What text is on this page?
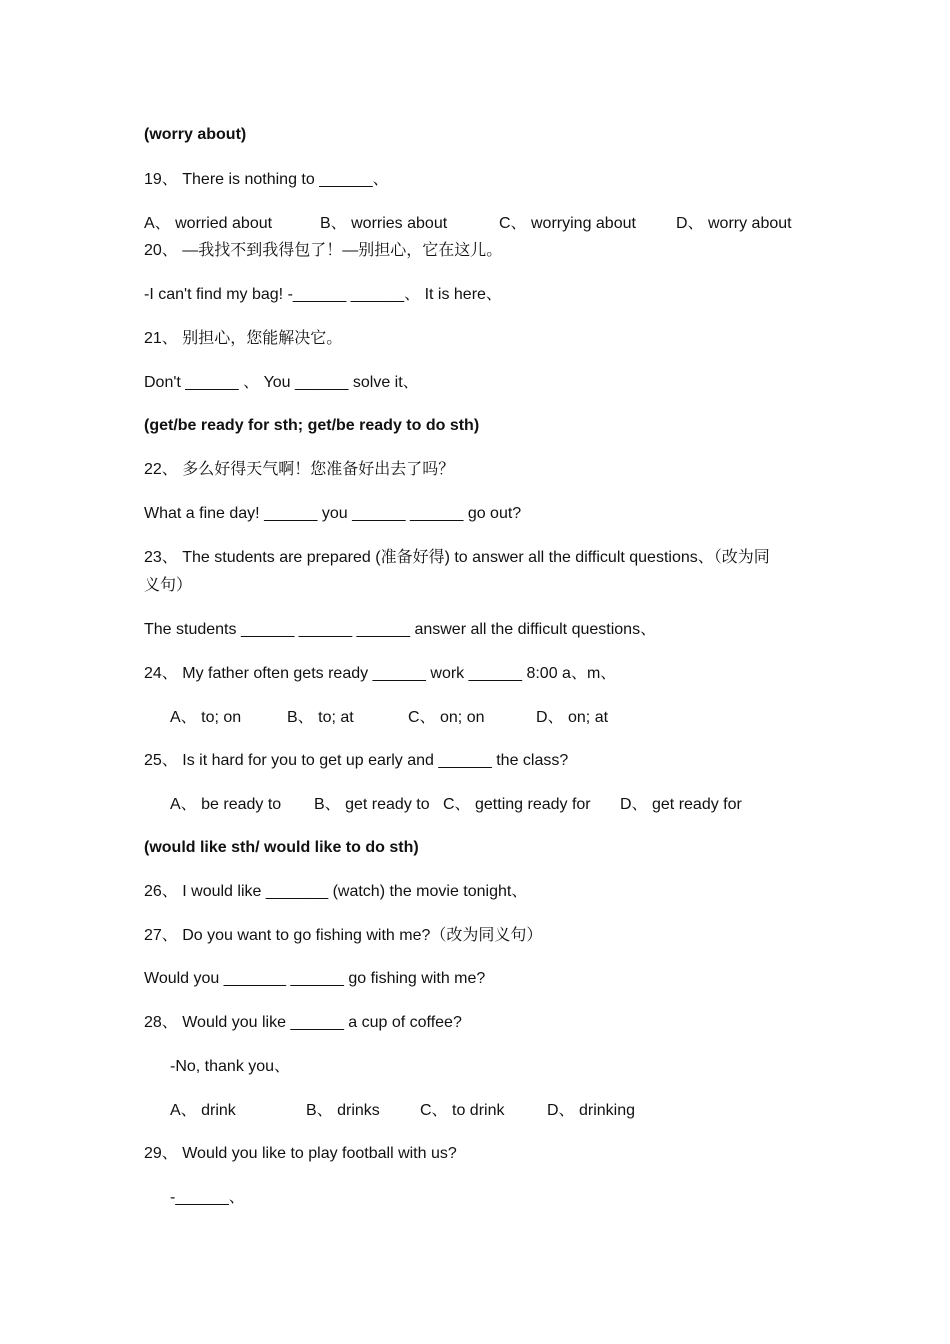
(worry about)
19、 There is nothing to ______、
A、 worried about	B、 worries about	C、 worrying about	D、 worry about
20、 —我找不到我得包了！—别担心，它在这儿。
-I can't find my bag! -______ ______、 It is here、
21、 别担心，您能解决它。
Don't ______ 、 You ______ solve it、
(get/be ready for sth; get/be ready to do sth)
22、 多么好得天气啊！您准备好出去了吗？
What a fine day! ______ you ______ ______ go out?
23、 The students are prepared (准备好得) to answer all the difficult questions、（改为同
义句）
The students ______ ______ ______ answer all the difficult questions、
24、 My father often gets ready ______ work ______ 8:00 a、m、
A、 to; on	B、 to; at	C、 on; on	D、 on; at
25、 Is it hard for you to get up early and ______ the class?
A、 be ready to B、 get ready to C、 getting ready for D、 get ready for
(would like sth/ would like to do sth)
26、 I would like _______ (watch) the movie tonight、
27、 Do you want to go fishing with me?（改为同义句）
Would you _______ ______ go fishing with me?
28、 Would you like ______ a cup of coffee?
-No, thank you、
A、 drink	B、 drinks	C、 to drink	D、 drinking
29、 Would you like to play football with us?
-______、
